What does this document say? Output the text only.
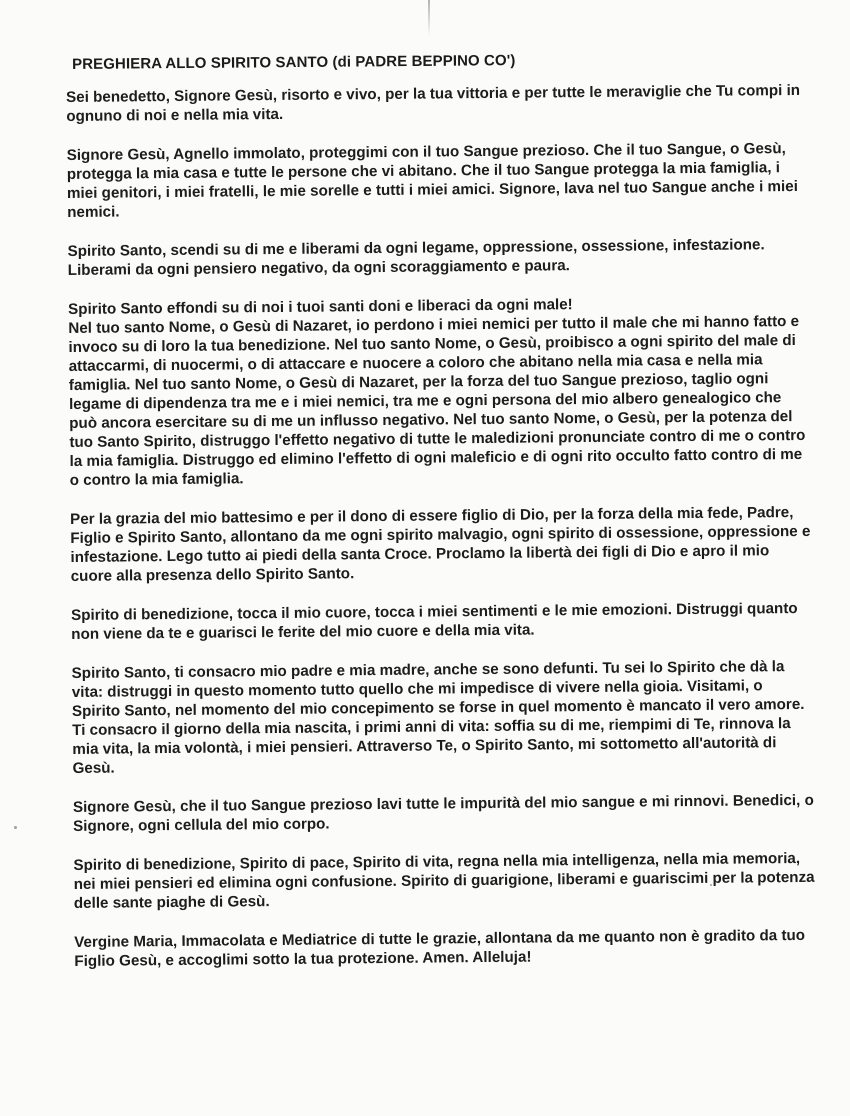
PREGHIERA ALLO SPIRITO SANTO (di PADRE BEPPINO CO')

Sei benedetto, Signore Gesù, risorto e vivo, per la tua vittoria e per tutte le meraviglie che Tu compi in ognuno di noi e nella mia vita.

Signore Gesù, Agnello immolato, proteggimi con il tuo Sangue prezioso. Che il tuo Sangue, o Gesù, protegga la mia casa e tutte le persone che vi abitano. Che il tuo Sangue protegga la mia famiglia, i miei genitori, i miei fratelli, le mie sorelle e tutti i miei amici. Signore, lava nel tuo Sangue anche i miei nemici.

Spirito Santo, scendi su di me e liberami da ogni legame, oppressione, ossessione, infestazione. Liberami da ogni pensiero negativo, da ogni scoraggiamento e paura.

Spirito Santo effondi su di noi i tuoi santi doni e liberaci da ogni male!

Nel tuo santo Nome, o Gesù di Nazaret, io perdono i miei nemici per tutto il male che mi hanno fatto e invoco su di loro la tua benedizione. Nel tuo santo Nome, o Gesù, proibisco a ogni spirito del male di attaccarmi, di nuocermi, o di attaccare e nuocere a coloro che abitano nella mia casa e nella mia famiglia. Nel tuo santo Nome, o Gesù di Nazaret, per la forza del tuo Sangue prezioso, taglio ogni legame di dipendenza tra me e i miei nemici, tra me e ogni persona del mio albero genealogico che può ancora esercitare su di me un influsso negativo. Nel tuo santo Nome, o Gesù, per la potenza del tuo Santo Spirito, distruggo l'effetto negativo di tutte le maledizioni pronunciate contro di me o contro la mia famiglia. Distruggo ed elimino l'effetto di ogni maleficio e di ogni rito occulto fatto contro di me o contro la mia famiglia.

Per la grazia del mio battesimo e per il dono di essere figlio di Dio, per la forza della mia fede, Padre, Figlio e Spirito Santo, allontano da me ogni spirito malvagio, ogni spirito di ossessione, oppressione e infestazione. Lego tutto ai piedi della santa Croce. Proclamo la libertà dei figli di Dio e apro il mio cuore alla presenza dello Spirito Santo.

Spirito di benedizione, tocca il mio cuore, tocca i miei sentimenti e le mie emozioni. Distruggi quanto non viene da te e guarisci le ferite del mio cuore e della mia vita.

Spirito Santo, ti consacro mio padre e mia madre, anche se sono defunti. Tu sei lo Spirito che dà la vita: distruggi in questo momento tutto quello che mi impedisce di vivere nella gioia. Visitami, o Spirito Santo, nel momento del mio concepimento se forse in quel momento è mancato il vero amore. Ti consacro il giorno della mia nascita, i primi anni di vita: soffia su di me, riempimi di Te, rinnova la mia vita, la mia volontà, i miei pensieri. Attraverso Te, o Spirito Santo, mi sottometto all'autorità di Gesù.

Signore Gesù, che il tuo Sangue prezioso lavi tutte le impurità del mio sangue e mi rinnovi. Benedici, o Signore, ogni cellula del mio corpo.

Spirito di benedizione, Spirito di pace, Spirito di vita, regna nella mia intelligenza, nella mia memoria, nei miei pensieri ed elimina ogni confusione. Spirito di guarigione, liberami e guariscimi per la potenza delle sante piaghe di Gesù.

Vergine Maria, Immacolata e Mediatrice di tutte le grazie, allontana da me quanto non è gradito da tuo Figlio Gesù, e accoglimi sotto la tua protezione. Amen. Alleluja!
